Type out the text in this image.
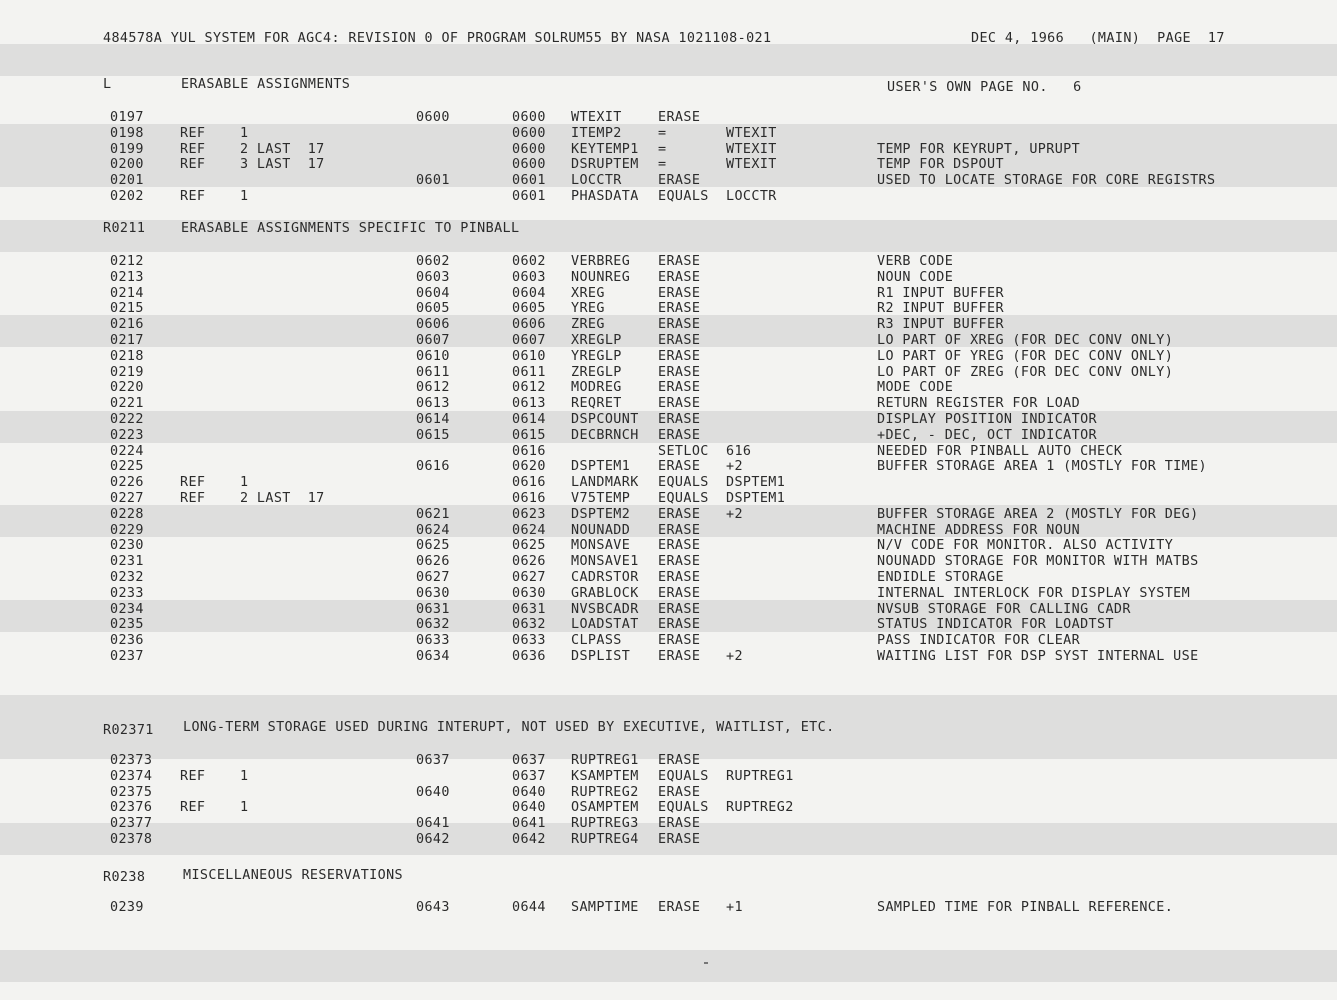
484578A YUL SYSTEM FOR AGC4: REVISION 0 OF PROGRAM SOLRUM55 BY NASA 1021108-021	DEC 4, 1966   (MAIN)  PAGE  17
L	ERASABLE ASSIGNMENTS	USER'S OWN PAGE NO.   6
R0211	ERASABLE ASSIGNMENTS SPECIFIC TO PINBALL
R02371 LONG-TERM STORAGE USED DURING INTERUPT, NOT USED BY EXECUTIVE, WAITLIST, ETC.
R0238	MISCELLANEOUS RESERVATIONS
0197	0600	0600 WTEXIT	ERASE
0198	REF	1	0600 ITEMP2	=	WTEXIT
0199	REF	2 LAST  17	0600 KEYTEMP1 =	WTEXIT	TEMP FOR KEYRUPT, UPRUPT
0200	REF	3 LAST  17	0600 DSRUPTEM =	WTEXIT	TEMP FOR DSPOUT
0201	0601	0601 LOCCTR	ERASE	USED TO LOCATE STORAGE FOR CORE REGISTRS
0202	REF	1	0601 PHASDATA EQUALS LOCCTR
0212	0602	0602 VERBREG ERASE	VERB CODE
0213	0603	0603 NOUNREG ERASE	NOUN CODE
0214	0604	0604 XREG	ERASE	R1 INPUT BUFFER
0215	0605	0605 YREG	ERASE	R2 INPUT BUFFER
0216	0606	0606 ZREG	ERASE	R3 INPUT BUFFER
0217	0607	0607 XREGLP	ERASE	LO PART OF XREG (FOR DEC CONV ONLY)
0218	0610	0610 YREGLP	ERASE	LO PART OF YREG (FOR DEC CONV ONLY)
0219	0611	0611 ZREGLP	ERASE	LO PART OF ZREG (FOR DEC CONV ONLY)
0220	0612	0612 MODREG	ERASE	MODE CODE
0221	0613	0613 REQRET	ERASE	RETURN REGISTER FOR LOAD
0222	0614	0614 DSPCOUNT ERASE	DISPLAY POSITION INDICATOR
0223	0615	0615 DECBRNCH ERASE	+DEC, - DEC, OCT INDICATOR
0224	0616	SETLOC 616	NEEDED FOR PINBALL AUTO CHECK
0225	0616	0620 DSPTEM1 ERASE +2	BUFFER STORAGE AREA 1 (MOSTLY FOR TIME)
0226	REF	1	0616 LANDMARK EQUALS DSPTEM1
0227	REF	2 LAST  17	0616 V75TEMP EQUALS DSPTEM1
0228	0621	0623 DSPTEM2 ERASE +2	BUFFER STORAGE AREA 2 (MOSTLY FOR DEG)
0229	0624	0624 NOUNADD ERASE	MACHINE ADDRESS FOR NOUN
0230	0625	0625 MONSAVE ERASE	N/V CODE FOR MONITOR. ALSO ACTIVITY
0231	0626	0626 MONSAVE1 ERASE	NOUNADD STORAGE FOR MONITOR WITH MATBS
0232	0627	0627 CADRSTOR ERASE	ENDIDLE STORAGE
0233	0630	0630 GRABLOCK ERASE	INTERNAL INTERLOCK FOR DISPLAY SYSTEM
0234	0631	0631 NVSBCADR ERASE	NVSUB STORAGE FOR CALLING CADR
0235	0632	0632 LOADSTAT ERASE	STATUS INDICATOR FOR LOADTST
0236	0633	0633 CLPASS	ERASE	PASS INDICATOR FOR CLEAR
0237	0634	0636 DSPLIST ERASE +2	WAITING LIST FOR DSP SYST INTERNAL USE
02373	0637	0637 RUPTREG1 ERASE
02374 REF	1	0637 KSAMPTEM EQUALS RUPTREG1
02375	0640	0640 RUPTREG2 ERASE
02376 REF	1	0640 OSAMPTEM EQUALS RUPTREG2
02377	0641	0641 RUPTREG3 ERASE
02378	0642	0642 RUPTREG4 ERASE
0239	0643	0644 SAMPTIME ERASE +1	SAMPLED TIME FOR PINBALL REFERENCE.
